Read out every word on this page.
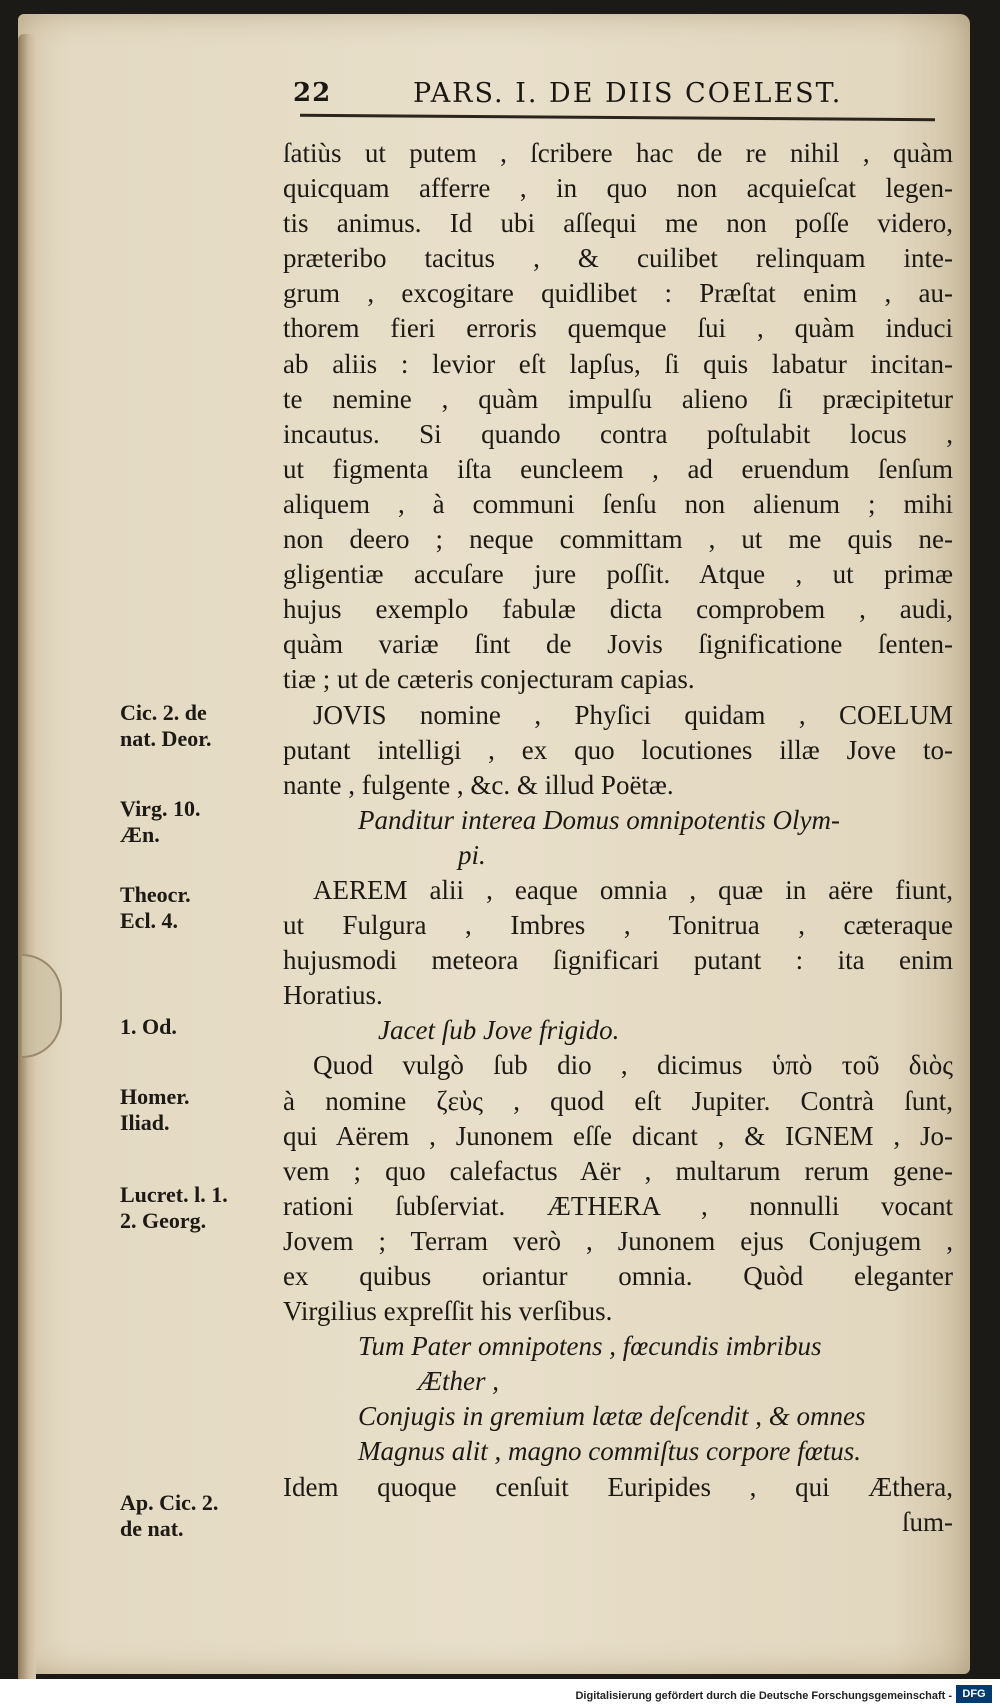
22	PARS. I. DE DIIS COELEST.
ſatiùs ut putem , ſcribere hac de re nihil , quàm
quicquam afferre , in quo non acquieſcat legen-
tis animus. Id ubi aſſequi me non poſſe videro,
præteribo tacitus , & cuilibet relinquam inte-
grum , excogitare quidlibet : Præſtat enim , au-
thorem fieri erroris quemque ſui , quàm induci
ab aliis : levior eſt lapſus, ſi quis labatur incitan-
te nemine , quàm impulſu alieno ſi præcipitetur
incautus. Si quando contra poſtulabit locus ,
ut figmenta iſta euncleem , ad eruendum ſenſum
aliquem , à communi ſenſu non alienum ; mihi
non deero ; neque committam , ut me quis ne-
gligentiæ accuſare jure poſſit. Atque , ut primæ
hujus exemplo fabulæ dicta comprobem , audi,
quàm variæ ſint de Jovis ſignificatione ſenten-
tiæ ; ut de cæteris conjecturam capias.
JOVIS nomine , Phyſici quidam , COELUM
putant intelligi , ex quo locutiones illæ Jove to-
nante , fulgente , &c. & illud Poëtæ.
Panditur interea Domus omnipotentis Olym-
pi.
AEREM alii , eaque omnia , quæ in aëre fiunt,
ut Fulgura , Imbres , Tonitrua , cæteraque
hujusmodi meteora ſignificari putant : ita enim
Horatius.
Jacet ſub Jove frigido.
Quod vulgò ſub dio , dicimus ὑπὸ τοῦ διὸς
à nomine ζεὺς , quod eſt Jupiter. Contrà ſunt,
qui Aërem , Junonem eſſe dicant , & IGNEM , Jo-
vem ; quo calefactus Aër , multarum rerum gene-
rationi ſubſerviat. ÆTHERA , nonnulli vocant
Jovem ; Terram verò , Junonem ejus Conjugem ,
ex quibus oriantur omnia. Quòd eleganter
Virgilius expreſſit his verſibus.
Tum Pater omnipotens , fœcundis imbribus
Æther ,
Conjugis in gremium lætæ deſcendit , & omnes
Magnus alit , magno commiſtus corpore fœtus.
Idem quoque cenſuit Euripides , qui Æthera,
ſum-
Cic. 2. de
nat. Deor.
Virg. 10.
Æn.
Theocr.
Ecl. 4.
1. Od.
Homer.
Iliad.
Lucret. l. 1.
2. Georg.
Ap. Cic. 2.
de nat.
Digitalisierung gefördert durch die Deutsche Forschungsgemeinschaft - DFG
